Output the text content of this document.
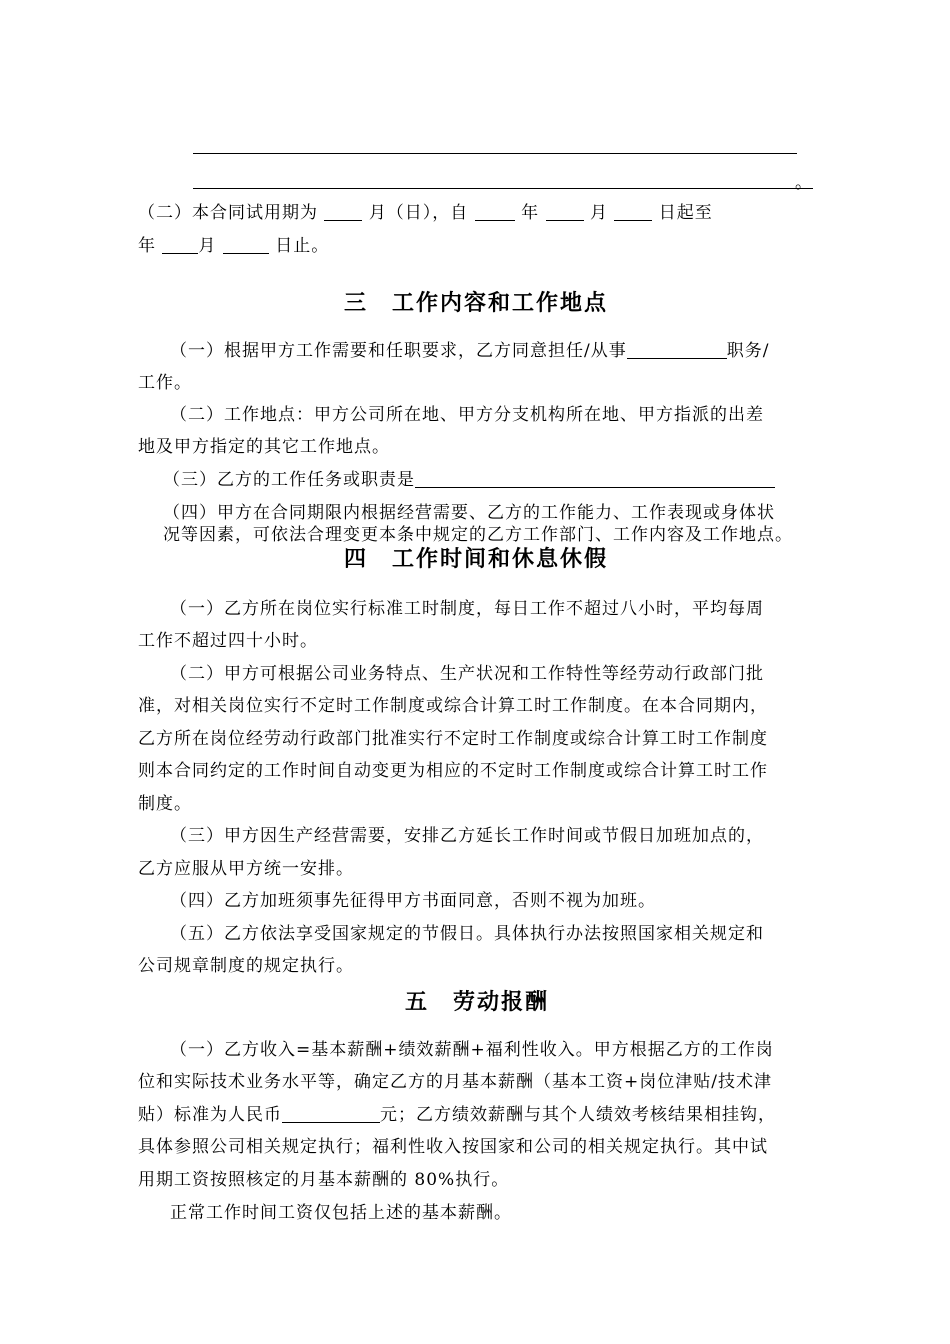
。
（二）本合同试用期为	月（日），自	年	月	日起至
年 月	日止。
三　工作内容和工作地点
（一）根据甲方工作需要和任职要求，乙方同意担任/从事	职务/
工作。
（二）工作地点：甲方公司所在地、甲方分支机构所在地、甲方指派的出差
地及甲方指定的其它工作地点。
（三）乙方的工作任务或职责是
（四）甲方在合同期限内根据经营需要、乙方的工作能力、工作表现或身体状
况等因素，可依法合理变更本条中规定的乙方工作部门、工作内容及工作地点。
四　工作时间和休息休假
（一）乙方所在岗位实行标准工时制度，每日工作不超过八小时，平均每周
工作不超过四十小时。
（二）甲方可根据公司业务特点、生产状况和工作特性等经劳动行政部门批
准，对相关岗位实行不定时工作制度或综合计算工时工作制度。在本合同期内，
乙方所在岗位经劳动行政部门批准实行不定时工作制度或综合计算工时工作制度
则本合同约定的工作时间自动变更为相应的不定时工作制度或综合计算工时工作
制度。
（三）甲方因生产经营需要，安排乙方延长工作时间或节假日加班加点的，
乙方应服从甲方统一安排。
（四）乙方加班须事先征得甲方书面同意，否则不视为加班。
（五）乙方依法享受国家规定的节假日。具体执行办法按照国家相关规定和
公司规章制度的规定执行。
五　劳动报酬
（一）乙方收入=基本薪酬+绩效薪酬+福利性收入。甲方根据乙方的工作岗
位和实际技术业务水平等，确定乙方的月基本薪酬（基本工资+岗位津贴/技术津
贴）标准为人民币	元；乙方绩效薪酬与其个人绩效考核结果相挂钩，
具体参照公司相关规定执行；福利性收入按国家和公司的相关规定执行。其中试
用期工资按照核定的月基本薪酬的 80%执行。
正常工作时间工资仅包括上述的基本薪酬。
